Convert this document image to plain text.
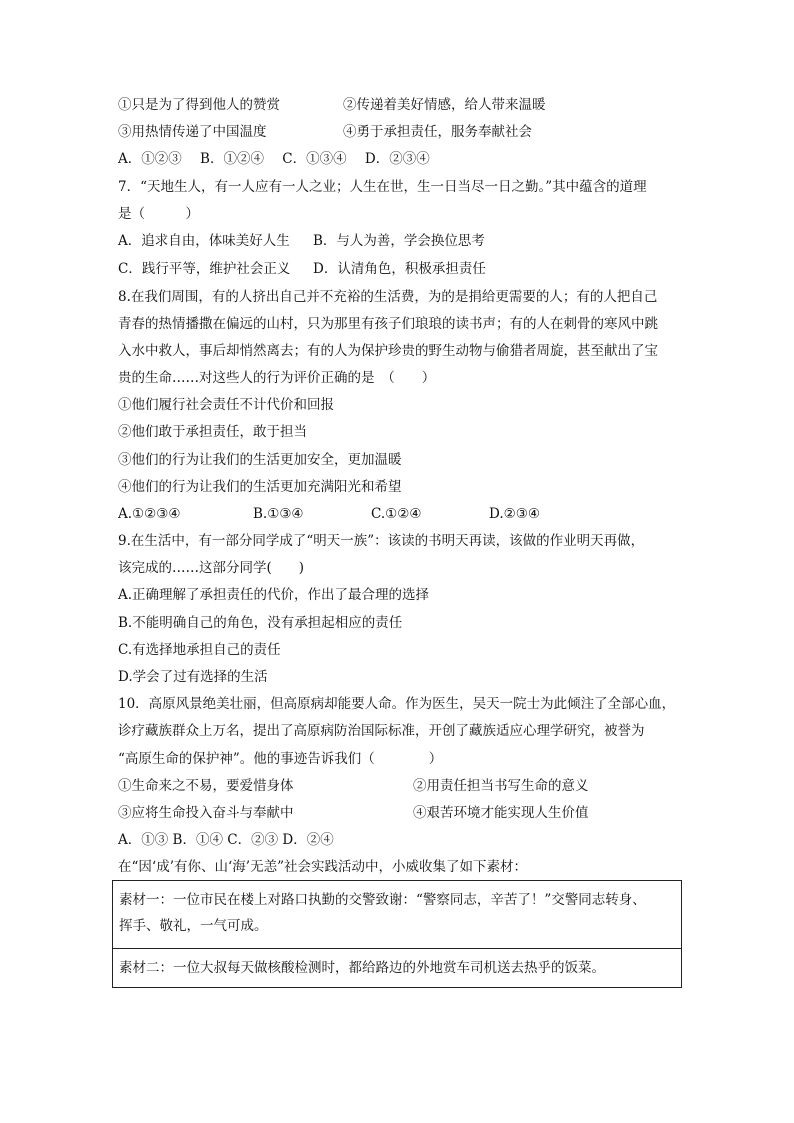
①只是为了得到他人的赞赏	②传递着美好情感，给人带来温暖
③用热情传递了中国温度	④勇于承担责任，服务奉献社会
A．①②③ B．①②④ C．①③④ D．②③④
7．“天地生人，有一人应有一人之业；人生在世，生一日当尽一日之勤。”其中蕴含的道理
是（　　　）
A．追求自由，体味美好人生 B．与人为善，学会换位思考
C．践行平等，维护社会正义 D．认清角色，积极承担责任
8.在我们周围，有的人挤出自己并不充裕的生活费，为的是捐给更需要的人；有的人把自己
青春的热情播撒在偏远的山村，只为那里有孩子们琅琅的读书声；有的人在刺骨的寒风中跳
入水中救人，事后却悄然离去；有的人为保护珍贵的野生动物与偷猎者周旋，甚至献出了宝
贵的生命……对这些人的行为评价正确的是　（　　）
①他们履行社会责任不计代价和回报
②他们敢于承担责任，敢于担当
③他们的行为让我们的生活更加安全，更加温暖
④他们的行为让我们的生活更加充满阳光和希望
A.①②③④	B.①③④	C.①②④	D.②③④
9.在生活中，有一部分同学成了“明天一族”：该读的书明天再读，该做的作业明天再做，
该完成的……这部分同学(　　)
A.正确理解了承担责任的代价，作出了最合理的选择
B.不能明确自己的角色，没有承担起相应的责任
C.有选择地承担自己的责任
D.学会了过有选择的生活
10．高原风景绝美壮丽，但高原病却能要人命。作为医生，吴天一院士为此倾注了全部心血，
诊疗藏族群众上万名，提出了高原病防治国际标准，开创了藏族适应心理学研究，被誉为
“高原生命的保护神”。他的事迹告诉我们（　　　　）
①生命来之不易，要爱惜身体	②用责任担当书写生命的意义
③应将生命投入奋斗与奉献中	④艰苦环境才能实现人生价值
A．①③ B．①④ C．②③ D．②④
在“因‘成’有你、山‘海’无恙”社会实践活动中，小威收集了如下素材：
素材一：一位市民在楼上对路口执勤的交警致谢：“警察同志，辛苦了！”交警同志转身、
挥手、敬礼，一气可成。
素材二：一位大叔每天做核酸检测时，都给路边的外地赏车司机送去热乎的饭菜。
